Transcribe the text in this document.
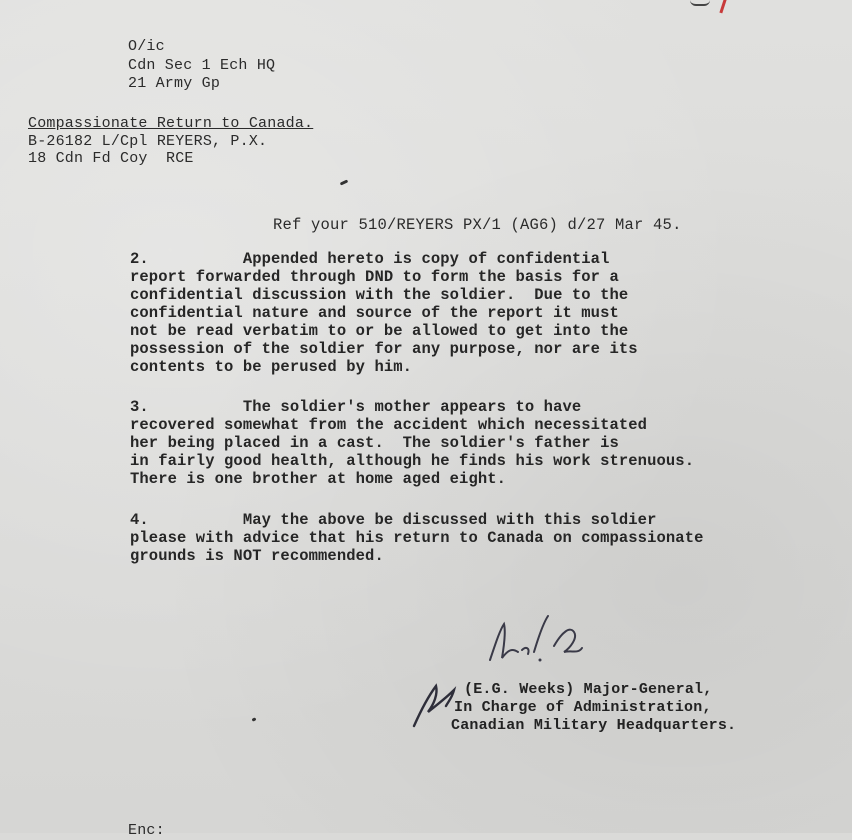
O/ic
Cdn Sec 1 Ech HQ
21 Army Gp
Compassionate Return to Canada.
B-26182 L/Cpl REYERS, P.X.
18 Cdn Fd Coy  RCE
Ref your 510/REYERS PX/1 (AG6) d/27 Mar 45.
2.          Appended hereto is copy of confidential
report forwarded through DND to form the basis for a
confidential discussion with the soldier.  Due to the
confidential nature and source of the report it must
not be read verbatim to or be allowed to get into the
possession of the soldier for any purpose, nor are its
contents to be perused by him.
3.          The soldier's mother appears to have
recovered somewhat from the accident which necessitated
her being placed in a cast.  The soldier's father is
in fairly good health, although he finds his work strenuous.
There is one brother at home aged eight.
4.          May the above be discussed with this soldier
please with advice that his return to Canada on compassionate
grounds is NOT recommended.
(E.G. Weeks) Major-General,
In Charge of Administration,
Canadian Military Headquarters.
Enc:
